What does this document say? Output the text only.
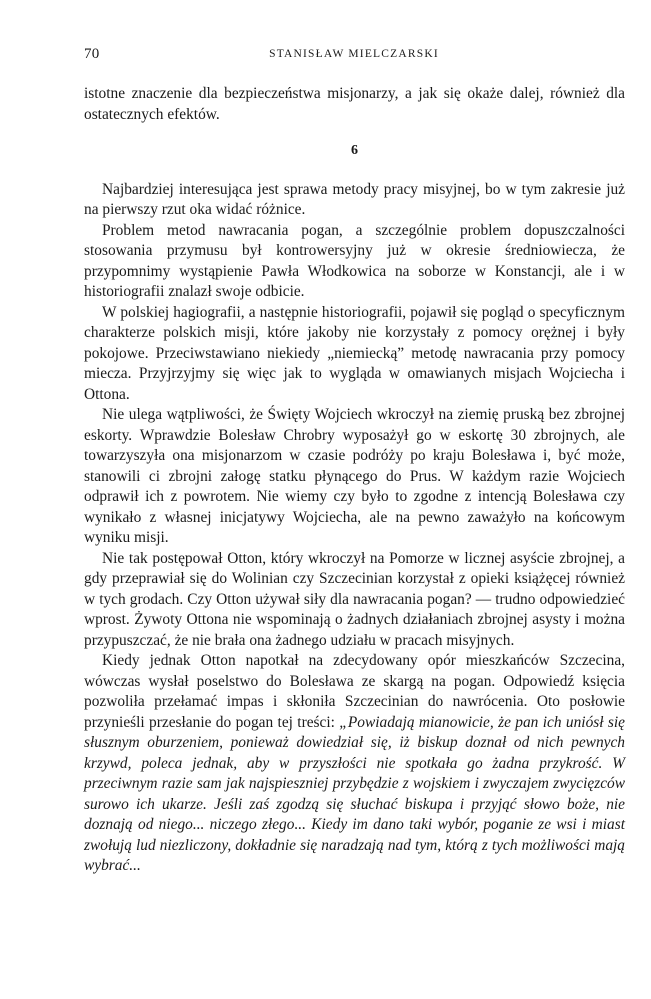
70	STANISŁAW MIELCZARSKI

istotne znaczenie dla bezpieczeństwa misjonarzy, a jak się okaże dalej, również dla ostatecznych efektów.

6

Najbardziej interesująca jest sprawa metody pracy misyjnej, bo w tym zakresie już na pierwszy rzut oka widać różnice.

Problem metod nawracania pogan, a szczególnie problem dopuszczalności stosowania przymusu był kontrowersyjny już w okresie średniowiecza, że przypomnimy wystąpienie Pawła Włodkowica na soborze w Konstancji, ale i w historiografii znalazł swoje odbicie.

W polskiej hagiografii, a następnie historiografii, pojawił się pogląd o specyficznym charakterze polskich misji, które jakoby nie korzystały z pomocy orężnej i były pokojowe. Przeciwstawiano niekiedy „niemiecką” metodę nawracania przy pomocy miecza. Przyjrzyjmy się więc jak to wygląda w omawianych misjach Wojciecha i Ottona.

Nie ulega wątpliwości, że Święty Wojciech wkroczył na ziemię pruską bez zbrojnej eskorty. Wprawdzie Bolesław Chrobry wyposażył go w eskortę 30 zbrojnych, ale towarzyszyła ona misjonarzom w czasie podróży po kraju Bolesława i, być może, stanowili ci zbrojni załogę statku płynącego do Prus. W każdym razie Wojciech odprawił ich z powrotem. Nie wiemy czy było to zgodne z intencją Bolesława czy wynikało z własnej inicjatywy Wojciecha, ale na pewno zaważyło na końcowym wyniku misji.

Nie tak postępował Otton, który wkroczył na Pomorze w licznej asyście zbrojnej, a gdy przeprawiał się do Wolinian czy Szczecinian korzystał z opieki książęcej również w tych grodach. Czy Otton używał siły dla nawracania pogan? — trudno odpowiedzieć wprost. Żywoty Ottona nie wspominają o żadnych działaniach zbrojnej asysty i można przypuszczać, że nie brała ona żadnego udziału w pracach misyjnych.

Kiedy jednak Otton napotkał na zdecydowany opór mieszkańców Szczecina, wówczas wysłał poselstwo do Bolesława ze skargą na pogan. Odpowiedź księcia pozwoliła przełamać impas i skłoniła Szczecinian do nawrócenia. Oto posłowie przynieśli przesłanie do pogan tej treści: „Powiadają mianowicie, że pan ich uniósł się słusznym oburzeniem, ponieważ dowiedział się, iż biskup doznał od nich pewnych krzywd, poleca jednak, aby w przyszłości nie spotkała go żadna przykrość. W przeciwnym razie sam jak najspieszniej przybędzie z wojskiem i zwyczajem zwycięzców surowo ich ukarze. Jeśli zaś zgodzą się słuchać biskupa i przyjąć słowo boże, nie doznają od niego... niczego złego... Kiedy im dano taki wybór, poganie ze wsi i miast zwołują lud niezliczony, dokładnie się naradzają nad tym, którą z tych możliwości mają wybrać...
